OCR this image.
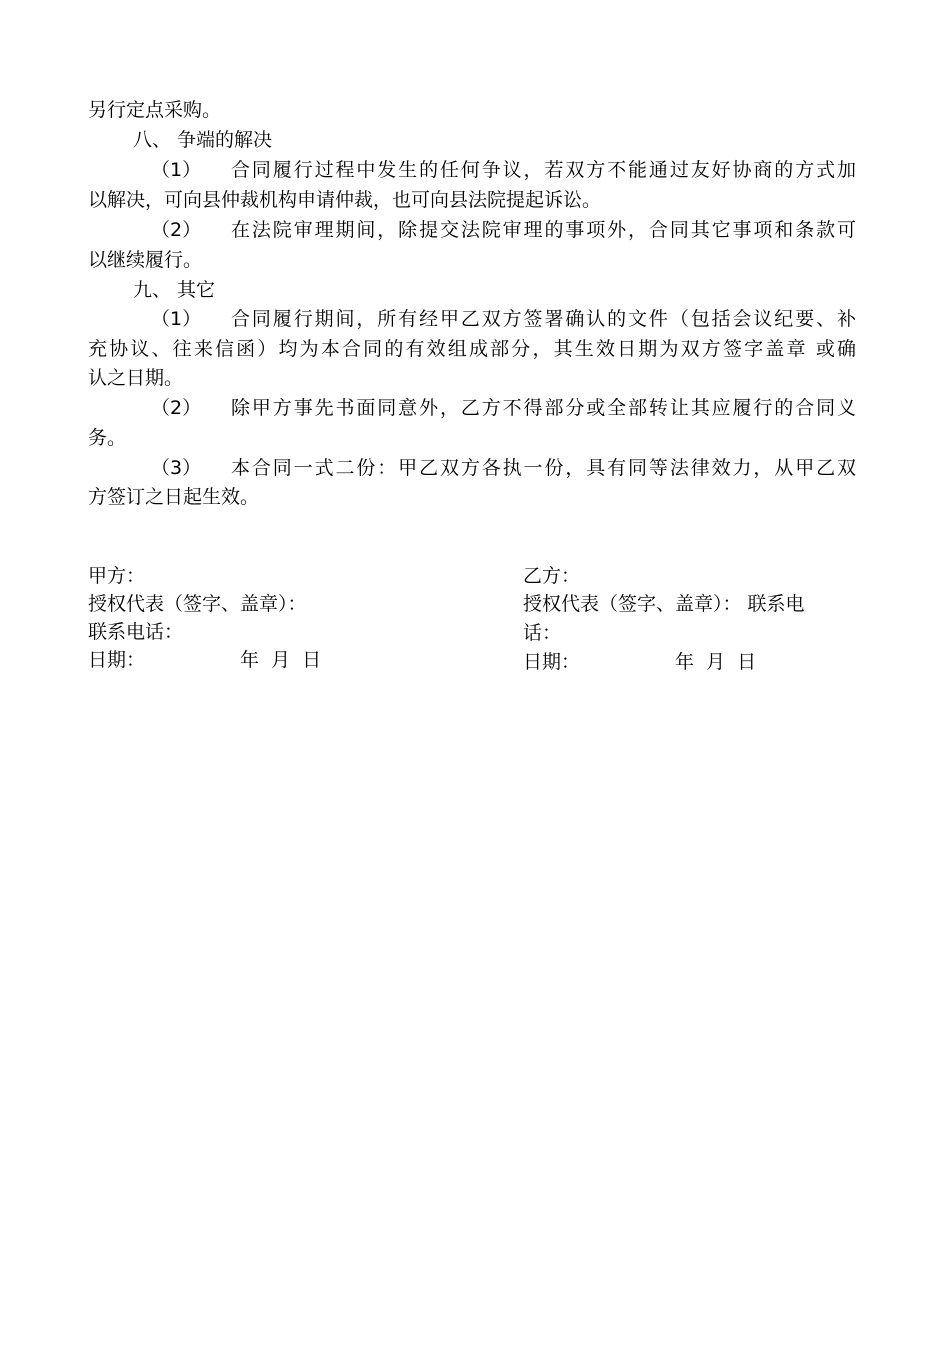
另行定点采购。
八、 争端的解决
（1） 合同履行过程中发生的任何争议，若双方不能通过友好协商的方式加
以解决，可向县仲裁机构申请仲裁，也可向县法院提起诉讼。
（2） 在法院审理期间，除提交法院审理的事项外，合同其它事项和条款可
以继续履行。
九、 其它
（1） 合同履行期间，所有经甲乙双方签署确认的文件（包括会议纪要、补
充协议、往来信函）均为本合同的有效组成部分，其生效日期为双方签字盖章 或确
认之日期。
（2） 除甲方事先书面同意外，乙方不得部分或全部转让其应履行的合同义
务。
（3） 本合同一式二份：甲乙双方各执一份，具有同等法律效力，从甲乙双
方签订之日起生效。
甲方：
授权代表（签字、盖章）：
联系电话：
日期：	年  月  日
乙方：
授权代表（签字、盖章）： 联系电
话：
日期：	年  月  日
